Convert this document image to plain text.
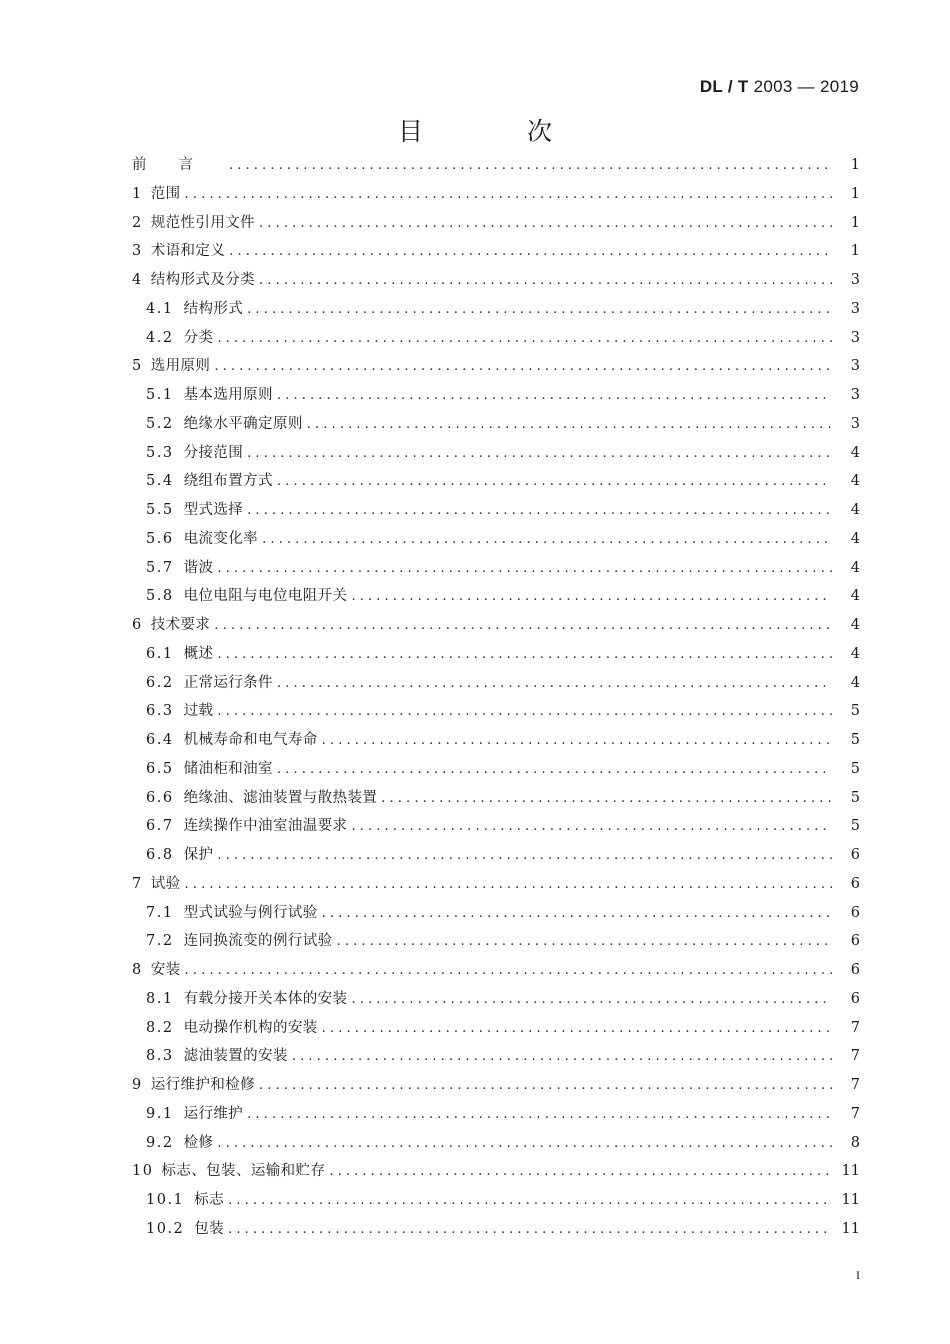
DL / T 2003 — 2019
目 次
前言 . . .	1
1 范围 . . .	1
2 规范性引用文件 . . .	1
3 术语和定义 . . .	1
4 结构形式及分类 . . .	3
4.1 结构形式 . . .	3
4.2 分类 . . .	3
5 选用原则 . . .	3
5.1 基本选用原则 . . .	3
5.2 绝缘水平确定原则 . . .	3
5.3 分接范围 . . .	4
5.4 绕组布置方式 . . .	4
5.5 型式选择 . . .	4
5.6 电流变化率 . . .	4
5.7 谐波 . . .	4
5.8 电位电阻与电位电阻开关 . . .	4
6 技术要求 . . .	4
6.1 概述 . . .	4
6.2 正常运行条件 . . .	4
6.3 过载 . . .	5
6.4 机械寿命和电气寿命 . . .	5
6.5 储油柜和油室 . . .	5
6.6 绝缘油、滤油装置与散热装置 . . .	5
6.7 连续操作中油室油温要求 . . .	5
6.8 保护 . . .	6
7 试验 . . .	6
7.1 型式试验与例行试验 . . .	6
7.2 连同换流变的例行试验 . . .	6
8 安装 . . .	6
8.1 有载分接开关本体的安装 . . .	6
8.2 电动操作机构的安装 . . .	7
8.3 滤油装置的安装 . . .	7
9 运行维护和检修 . . .	7
9.1 运行维护 . . .	7
9.2 检修 . . .	8
10 标志、包装、运输和贮存 . . .	11
10.1 标志 . . .	11
10.2 包装 . . .	11
I
